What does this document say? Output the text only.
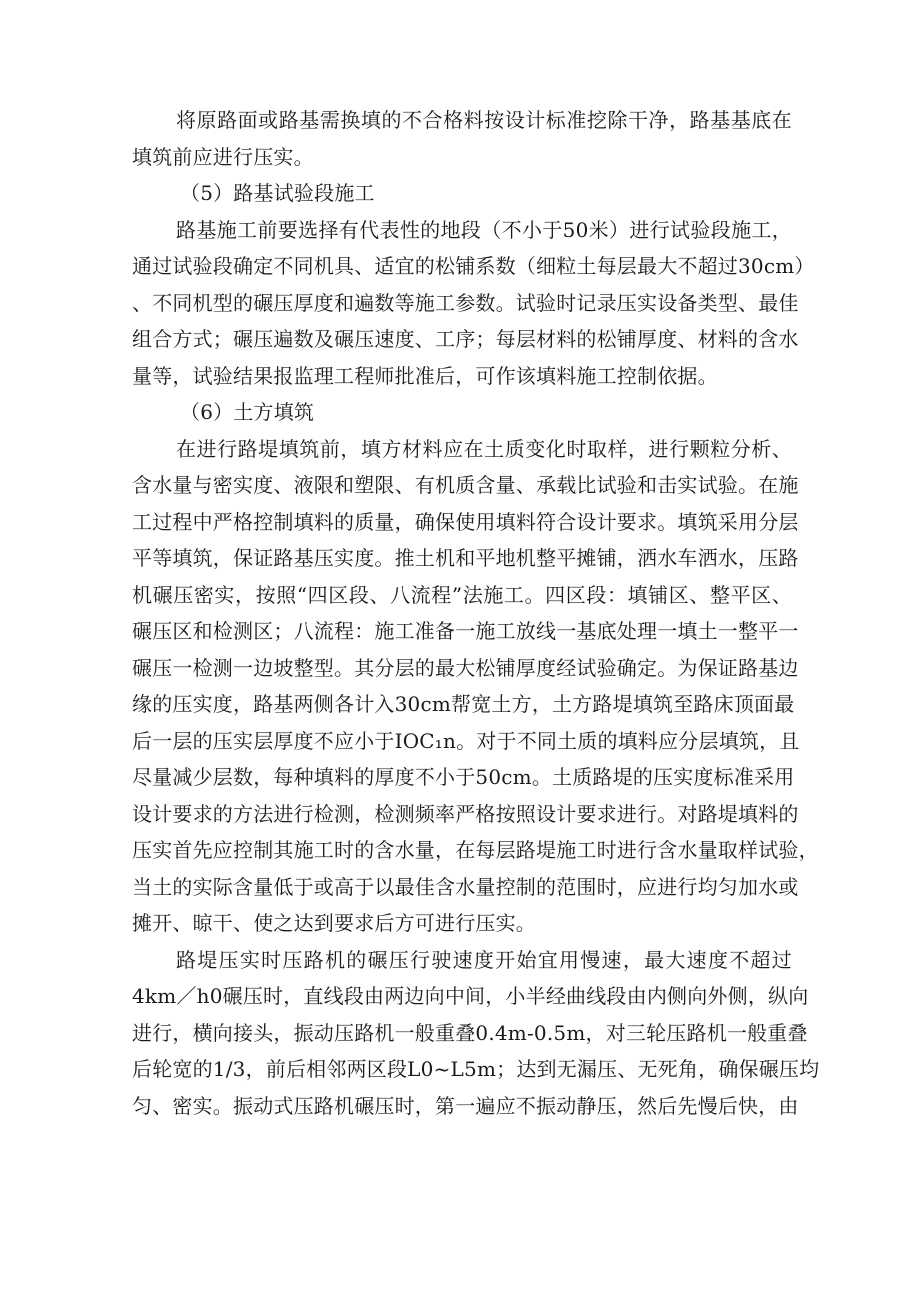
将原路面或路基需换填的不合格料按设计标准挖除干净，路基基底在
填筑前应进行压实。
（5）路基试验段施工
路基施工前要选择有代表性的地段（不小于50米）进行试验段施工，
通过试验段确定不同机具、适宜的松铺系数（细粒土每层最大不超过30cm）
、不同机型的碾压厚度和遍数等施工参数。试验时记录压实设备类型、最佳
组合方式；碾压遍数及碾压速度、工序；每层材料的松铺厚度、材料的含水
量等，试验结果报监理工程师批准后，可作该填料施工控制依据。
（6）土方填筑
在进行路堤填筑前，填方材料应在土质变化时取样，进行颗粒分析、
含水量与密实度、液限和塑限、有机质含量、承载比试验和击实试验。在施
工过程中严格控制填料的质量，确保使用填料符合设计要求。填筑采用分层
平等填筑，保证路基压实度。推土机和平地机整平摊铺，洒水车洒水，压路
机碾压密实，按照“四区段、八流程”法施工。四区段：填铺区、整平区、
碾压区和检测区；八流程：施工准备一施工放线一基底处理一填土一整平一
碾压一检测一边坡整型。其分层的最大松铺厚度经试验确定。为保证路基边
缘的压实度，路基两侧各计入30cm帮宽土方，土方路堤填筑至路床顶面最
后一层的压实层厚度不应小于IOC₁n。对于不同土质的填料应分层填筑，且
尽量减少层数，每种填料的厚度不小于50cm。土质路堤的压实度标准采用
设计要求的方法进行检测，检测频率严格按照设计要求进行。对路堤填料的
压实首先应控制其施工时的含水量，在每层路堤施工时进行含水量取样试验，
当土的实际含量低于或高于以最佳含水量控制的范围时，应进行均匀加水或
摊开、晾干、使之达到要求后方可进行压实。
路堤压实时压路机的碾压行驶速度开始宜用慢速，最大速度不超过
4km／h0碾压时，直线段由两边向中间，小半经曲线段由内侧向外侧，纵向
进行，横向接头，振动压路机一般重叠0.4m-0.5m，对三轮压路机一般重叠
后轮宽的1/3，前后相邻两区段L0~L5m；达到无漏压、无死角，确保碾压均
匀、密实。振动式压路机碾压时，第一遍应不振动静压，然后先慢后快，由
